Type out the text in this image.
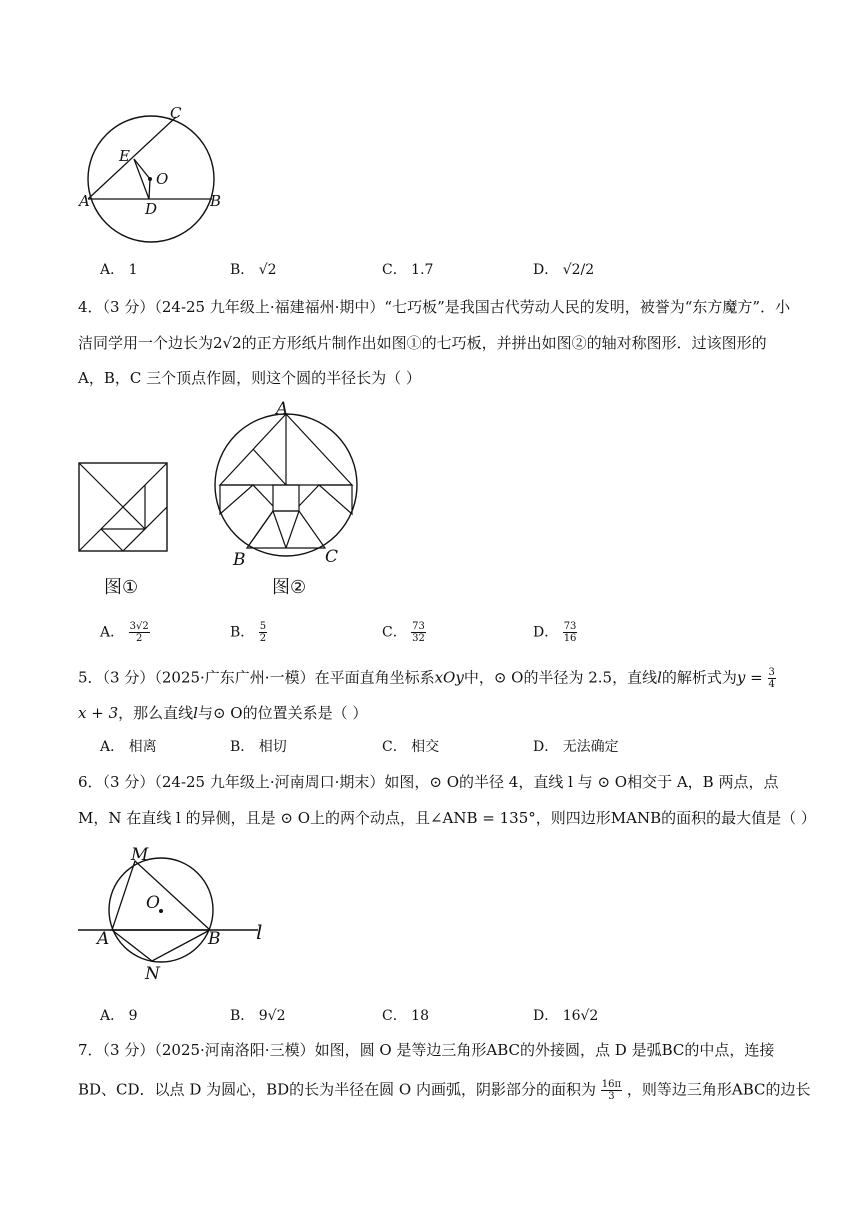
C
E
O
A	D	B
A． 1	B． √2	C． 1.7	D． √2/2
4．（3 分）（24-25 九年级上·福建福州·期中）“七巧板”是我国古代劳动人民的发明，被誉为“东方魔方”．小
洁同学用一个边长为2√2的正方形纸片制作出如图①的七巧板，并拼出如图②的轴对称图形．过该图形的
A，B，C 三个顶点作圆，则这个圆的半径长为（ ）
A
B	C
图①	图②
A． $\frac{3√2}{2}$	B． $\frac{5}{2}$	C． $\frac{73}{32}$	D． $\frac{73}{16}$
5．（3 分）（2025·广东广州·一模）在平面直角坐标系xOy中，⊙ O的半径为 2.5，直线l的解析式为$y = \frac{3}{4}$
x + 3，那么直线l与⊙ O的位置关系是（ ）
A． 相离	B． 相切	C． 相交	D． 无法确定
6．（3 分）（24-25 九年级上·河南周口·期末）如图，⊙ O的半径 4，直线 l 与 ⊙ O相交于 A，B 两点，点
M，N 在直线 l 的异侧，且是 ⊙ O上的两个动点，且∠ANB = 135°，则四边形MANB的面积的最大值是（ ）
M
O
A	B
N
l
A． 9	B． 9√2	C． 18	D． 16√2
7．（3 分）（2025·河南洛阳·三模）如图，圆 O 是等边三角形ABC的外接圆，点 D 是弧BC的中点，连接
BD、CD．以点 D 为圆心，BD的长为半径在圆 O 内画弧，阴影部分的面积为 $\frac{16\pi}{3}$ ，则等边三角形ABC的边长
